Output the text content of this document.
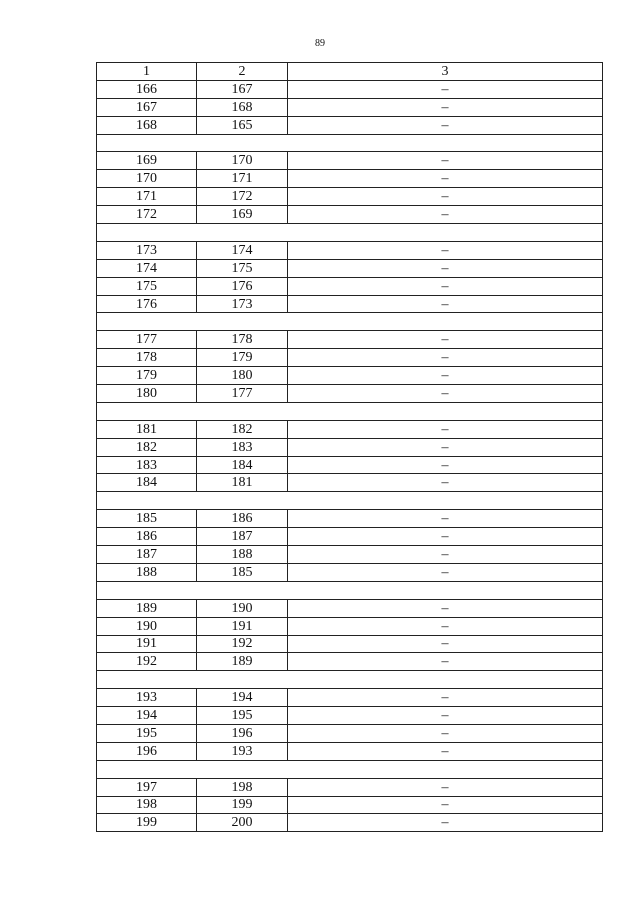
89
1	2	3
166	167	–
167	168	–
168	165	–

169	170	–
170	171	–
171	172	–
172	169	–

173	174	–
174	175	–
175	176	–
176	173	–

177	178	–
178	179	–
179	180	–
180	177	–

181	182	–
182	183	–
183	184	–
184	181	–

185	186	–
186	187	–
187	188	–
188	185	–

189	190	–
190	191	–
191	192	–
192	189	–

193	194	–
194	195	–
195	196	–
196	193	–

197	198	–
198	199	–
199	200	–
